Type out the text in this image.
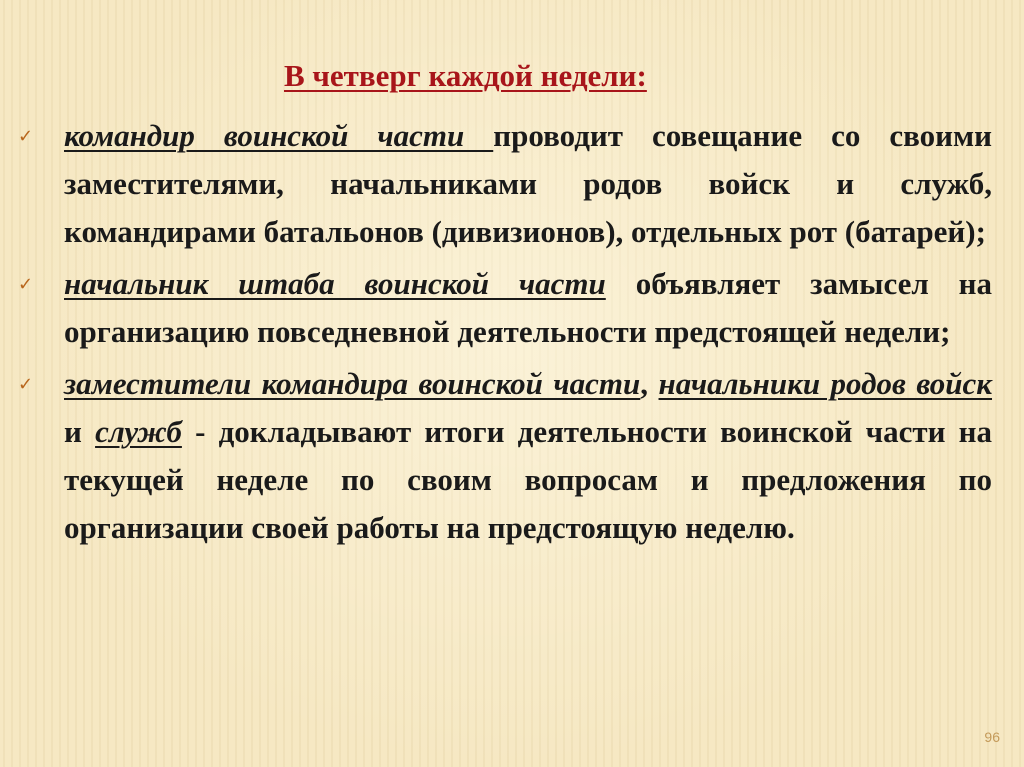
В четверг каждой недели:
✓ командир воинской части проводит совещание со своими заместителями, начальниками родов войск и служб, командирами батальонов (дивизионов), отдельных рот (батарей);
✓ начальник штаба воинской части объявляет замысел на организацию повседневной деятельности предстоящей недели;
✓ заместители командира воинской части, начальники родов войск и служб - докладывают итоги деятельности воинской части на текущей неделе по своим вопросам и предложения по организации своей работы на предстоящую неделю.
96
